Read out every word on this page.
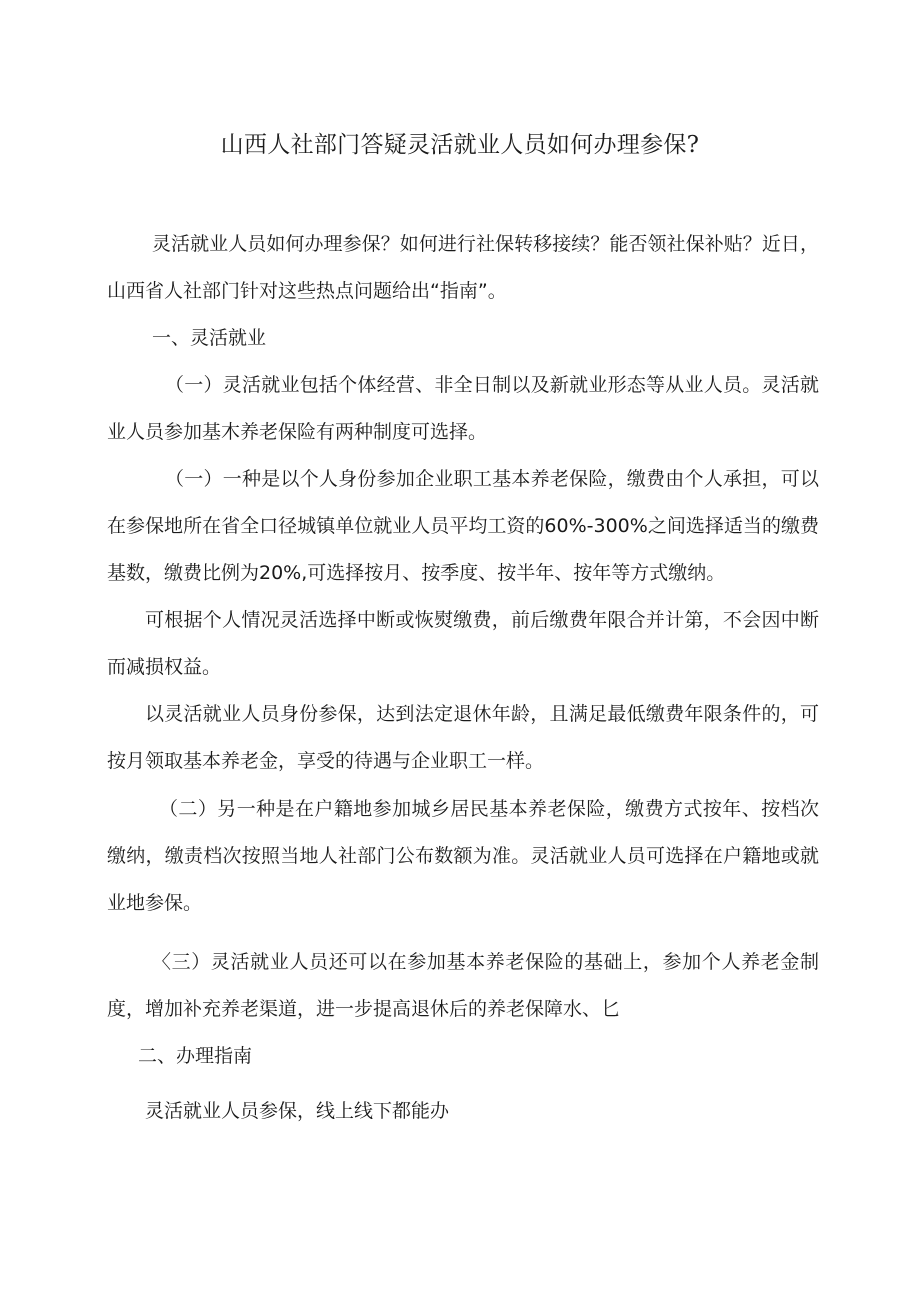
山西人社部门答疑灵活就业人员如何办理参保?

灵活就业人员如何办理参保？如何进行社保转移接续？能否领社保补贴？近日，山西省人社部门针对这些热点问题给出“指南”。

一、灵活就业

（一）灵活就业包括个体经营、非全日制以及新就业形态等从业人员。灵活就业人员参加基木养老保险有两种制度可选择。

（一）一种是以个人身份参加企业职工基本养老保险，缴费由个人承担，可以在参保地所在省全口径城镇单位就业人员平均工资的60%-300%之间选择适当的缴费基数，缴费比例为20%,可选择按月、按季度、按半年、按年等方式缴纳。

可根据个人情况灵活选择中断或恢熨缴费，前后缴费年限合并计第，不会因中断而减损权益。

以灵活就业人员身份参保，达到法定退休年龄，且满足最低缴费年限条件的，可按月领取基本养老金，享受的待遇与企业职工一样。

（二）另一种是在户籍地参加城乡居民基本养老保险，缴费方式按年、按档次缴纳，缴责档次按照当地人社部门公布数额为准。灵活就业人员可选择在户籍地或就业地参保。

〈三）灵活就业人员还可以在参加基本养老保险的基础上，参加个人养老金制度，增加补充养老渠道，进一步提高退休后的养老保障水、匕

二、办理指南

灵活就业人员参保，线上线下都能办
